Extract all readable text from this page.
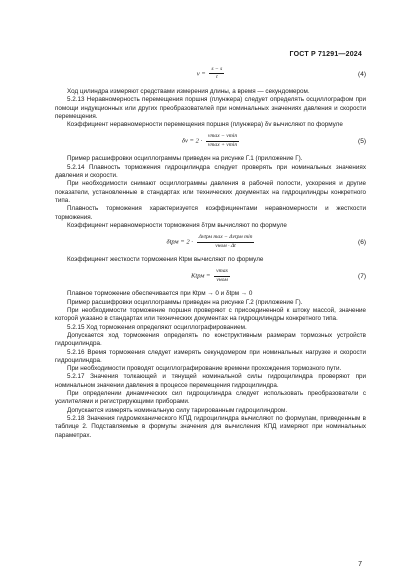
ГОСТ Р 71291—2024
$v = \frac{s - s}{t}$	(4)

Ход цилиндра измеряют средствами измерения длины, а время — секундомером.

5.2.13 Неравномерность перемещения поршня (плунжера) следует определять осциллографом при помощи индукционных или других преобразователей при номинальных значениях давления и скорости перемещения.

Коэффициент неравномерности перемещения поршня (плунжера) δv вычисляют по формуле

$\delta v = 2 \cdot \frac{vmax - vmin}{vmax + vmin}$	(5)

Пример расшифровки осциллограммы приведен на рисунке Г.1 (приложение Г).

5.2.14 Плавность торможения гидроцилиндра следует проверять при номинальных значениях давления и скорости.

При необходимости снимают осциллограммы давления в рабочей полости, ускорения и другие показатели, установленные в стандартах или технических документах на гидроцилиндры конкретного типа.

Плавность торможения характеризуется коэффициентами неравномерности и жесткости торможения.

Коэффициент неравномерности торможения δтрм вычисляют по формуле

$\delta tрм = 2 \cdot \frac{\text{Δvtрм max − Δvtрм min}}{\text{vном · Δt}}$	(6)

Коэффициент жесткости торможения Кtрм вычисляют по формуле

Ktрм = $\frac{vmax}{\text{vном}}$	(7)

Плавное торможение обеспечивается при Кtрм → 0 и δtрм → 0

Пример расшифровки осциллограммы приведен на рисунке Г.2 (приложение Г).

При необходимости торможение поршня проверяют с присоединенной к штоку массой, значение которой указано в стандартах или технических документах на гидроцилиндры конкретного типа.

5.2.15 Ход торможения определяют осциллографированием.

Допускается ход торможения определять по конструктивным размерам тормозных устройств гидроцилиндра.

5.2.16 Время торможения следует измерять секундомером при номинальных нагрузке и скорости гидроцилиндра.

При необходимости проводят осциллографирование времени прохождения тормозного пути.

5.2.17 Значения толкающей и тянущей номинальной силы гидроцилиндра проверяют при номинальном значении давления в процессе перемещения гидроцилиндра.

При определении динамических сил гидроцилиндра следует использовать преобразователи с усилителями и регистрирующими приборами.

Допускается измерять номинальную силу тарированным гидроцилиндром.

5.2.18 Значения гидромеханического КПД гидроцилиндра вычисляют по формулам, приведенным в таблице 2. Подставляемые в формулы значения для вычисления КПД измеряют при номинальных параметрах.

7
